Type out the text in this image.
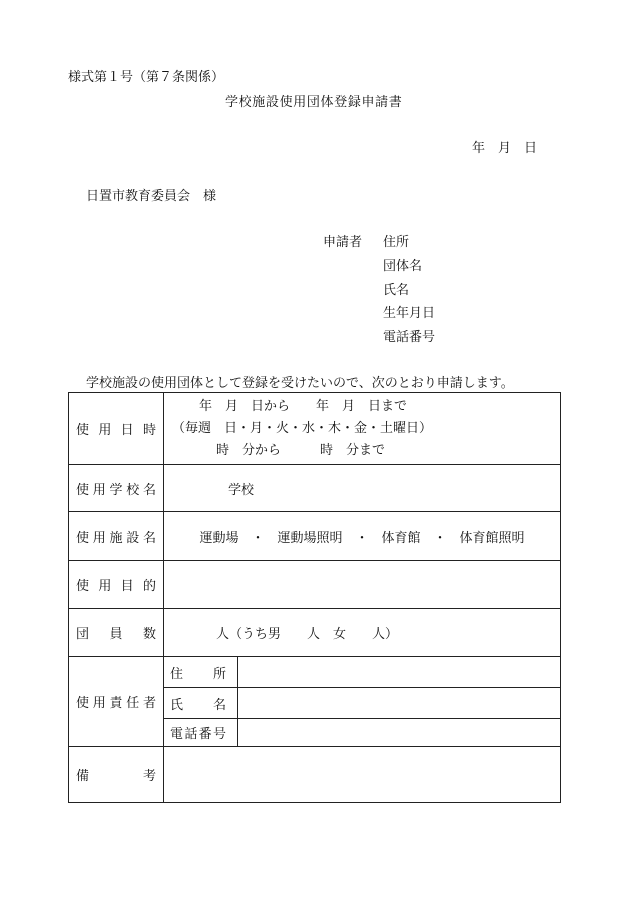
様式第１号（第７条関係）
学校施設使用団体登録申請書
年　月　日
日置市教育委員会　様
申請者 住所
団体名
氏名
生年月日
電話番号
学校施設の使用団体として登録を受けたいので、次のとおり申請します。
使 用 日 時	年　月　日から　　年　月　日まで
（毎週　日・月・火・水・木・金・土曜日）
時　分から　　　時　分まで	

使 用 学 校 名	学校	

使 用 施 設 名	運動場　・　運動場照明　・　体育館　・　体育館照明	

使 用 目 的		

団 員 数	人（うち男　　人　女　　人）	

使 用 責 任 者	住 所	

	氏 名	

	電 話 番 号	

備 考		
